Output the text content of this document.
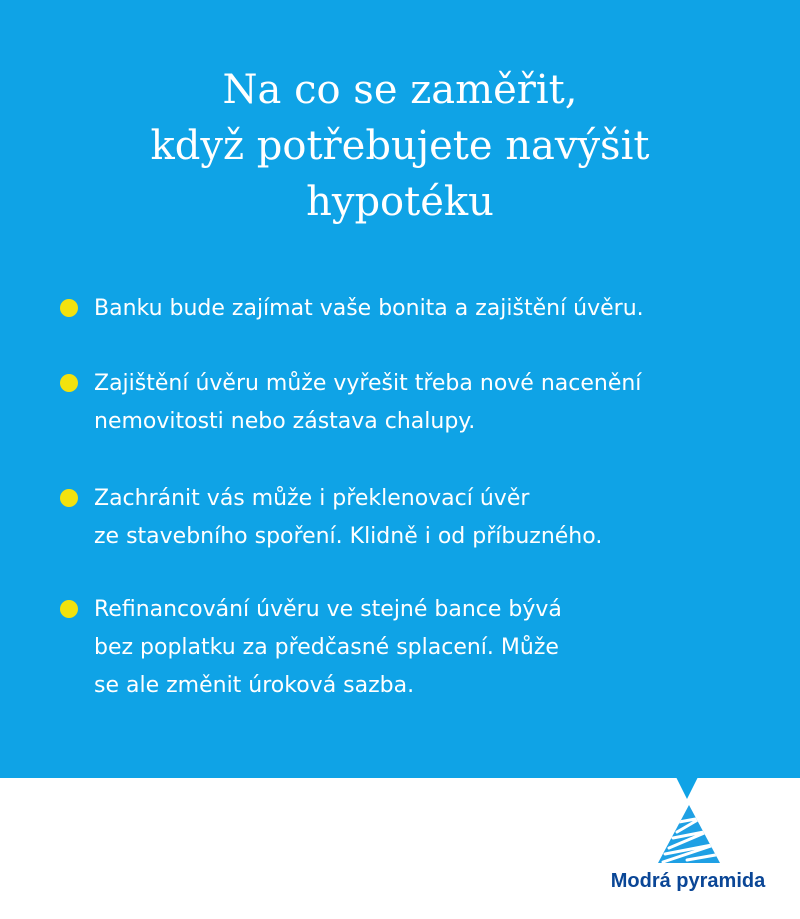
Na co se zaměřit,
když potřebujete navýšit
hypotéku
Banku bude zajímat vaše bonita a zajištění úvěru.
Zajištění úvěru může vyřešit třeba nové nacenění
nemovitosti nebo zástava chalupy.
Zachránit vás může i překlenovací úvěr
ze stavebního spoření. Klidně i od příbuzného.
Refinancování úvěru ve stejné bance bývá
bez poplatku za předčasné splacení. Může
se ale změnit úroková sazba.
Modrá pyramida
